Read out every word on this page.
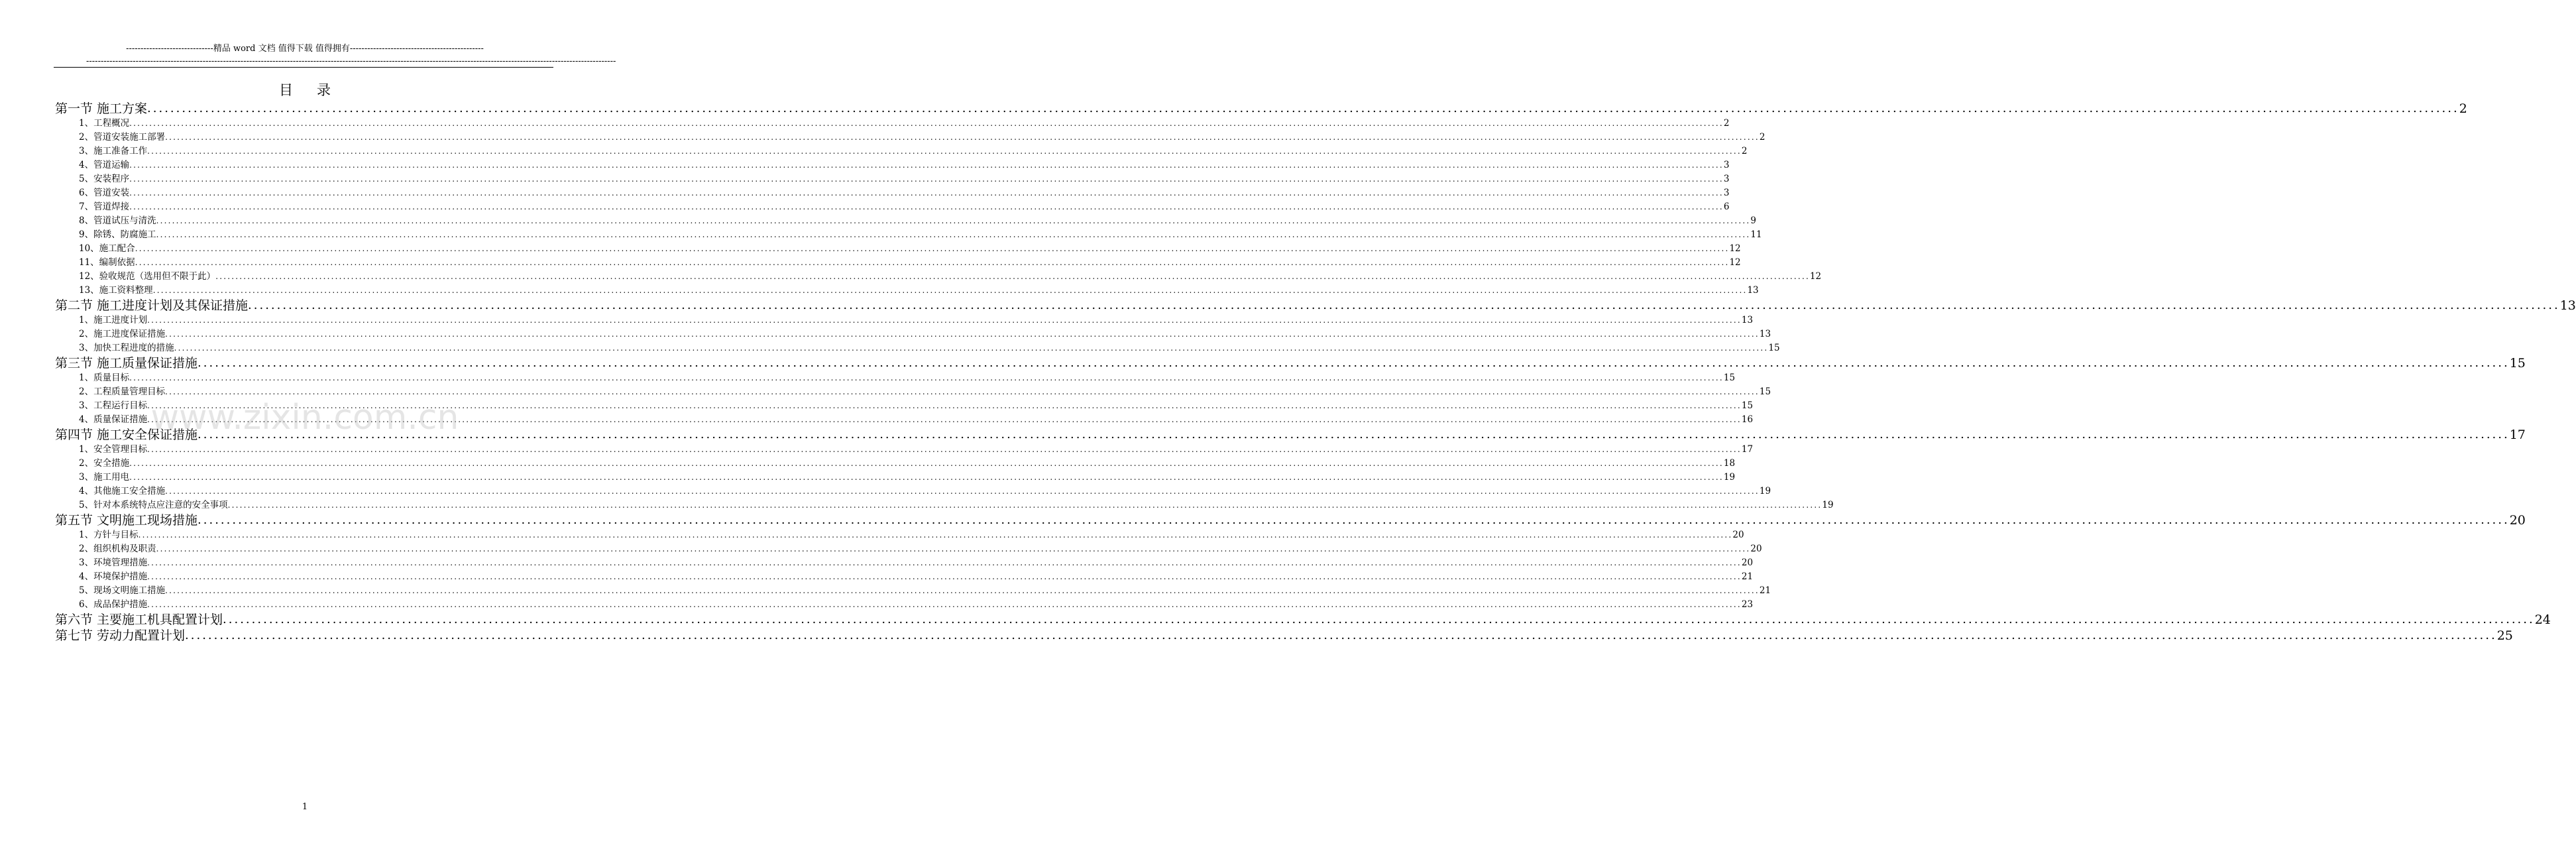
------------------------------精品 word 文档 值得下载 值得拥有----------------------------------------------
--------------------------------------------------------------------------------------------------------------------------------------------------------------------------------------
目录
第一节 施工方案 ................................................................................................................................................................................................................................................................................................................................................................................................................ 2
1、工程概况 ................................................................................................................................................................................................................................................................................................................................................................................................................ 2
2、管道安装施工部署 ................................................................................................................................................................................................................................................................................................................................................................................................................ 2
3、施工准备工作 ................................................................................................................................................................................................................................................................................................................................................................................................................ 2
4、管道运输 ................................................................................................................................................................................................................................................................................................................................................................................................................ 3
5、安装程序 ................................................................................................................................................................................................................................................................................................................................................................................................................ 3
6、管道安装 ................................................................................................................................................................................................................................................................................................................................................................................................................ 3
7、管道焊接 ................................................................................................................................................................................................................................................................................................................................................................................................................ 6
8、管道试压与清洗 ................................................................................................................................................................................................................................................................................................................................................................................................................ 9
9、除锈、防腐施工 ................................................................................................................................................................................................................................................................................................................................................................................................................ 11
10、施工配合 ................................................................................................................................................................................................................................................................................................................................................................................................................ 12
11、编制依据 ................................................................................................................................................................................................................................................................................................................................................................................................................ 12
12、验收规范（选用但不限于此） ................................................................................................................................................................................................................................................................................................................................................................................................................ 12
13、施工资料整理 ................................................................................................................................................................................................................................................................................................................................................................................................................ 13
第二节 施工进度计划及其保证措施 ................................................................................................................................................................................................................................................................................................................................................................................................................ 13
1、施工进度计划 ................................................................................................................................................................................................................................................................................................................................................................................................................ 13
2、施工进度保证措施 ................................................................................................................................................................................................................................................................................................................................................................................................................ 13
3、加快工程进度的措施 ................................................................................................................................................................................................................................................................................................................................................................................................................ 15
第三节 施工质量保证措施 ................................................................................................................................................................................................................................................................................................................................................................................................................ 15
1、质量目标 ................................................................................................................................................................................................................................................................................................................................................................................................................ 15
2、工程质量管理目标 ................................................................................................................................................................................................................................................................................................................................................................................................................ 15
3、工程运行目标 ................................................................................................................................................................................................................................................................................................................................................................................................................ 15
4、质量保证措施 ................................................................................................................................................................................................................................................................................................................................................................................................................ 16
第四节 施工安全保证措施 ................................................................................................................................................................................................................................................................................................................................................................................................................ 17
1、安全管理目标 ................................................................................................................................................................................................................................................................................................................................................................................................................ 17
2、安全措施 ................................................................................................................................................................................................................................................................................................................................................................................................................ 18
3、施工用电 ................................................................................................................................................................................................................................................................................................................................................................................................................ 19
4、其他施工安全措施 ................................................................................................................................................................................................................................................................................................................................................................................................................ 19
5、针对本系统特点应注意的安全事项 ................................................................................................................................................................................................................................................................................................................................................................................................................ 19
第五节 文明施工现场措施 ................................................................................................................................................................................................................................................................................................................................................................................................................ 20
1、方针与目标 ................................................................................................................................................................................................................................................................................................................................................................................................................ 20
2、组织机构及职责 ................................................................................................................................................................................................................................................................................................................................................................................................................ 20
3、环境管理措施 ................................................................................................................................................................................................................................................................................................................................................................................................................ 20
4、环境保护措施 ................................................................................................................................................................................................................................................................................................................................................................................................................ 21
5、现场文明施工措施 ................................................................................................................................................................................................................................................................................................................................................................................................................ 21
6、成品保护措施 ................................................................................................................................................................................................................................................................................................................................................................................................................ 23
第六节 主要施工机具配置计划 ................................................................................................................................................................................................................................................................................................................................................................................................................ 24
第七节 劳动力配置计划 ................................................................................................................................................................................................................................................................................................................................................................................................................ 25
www.zixin.com.cn
1
